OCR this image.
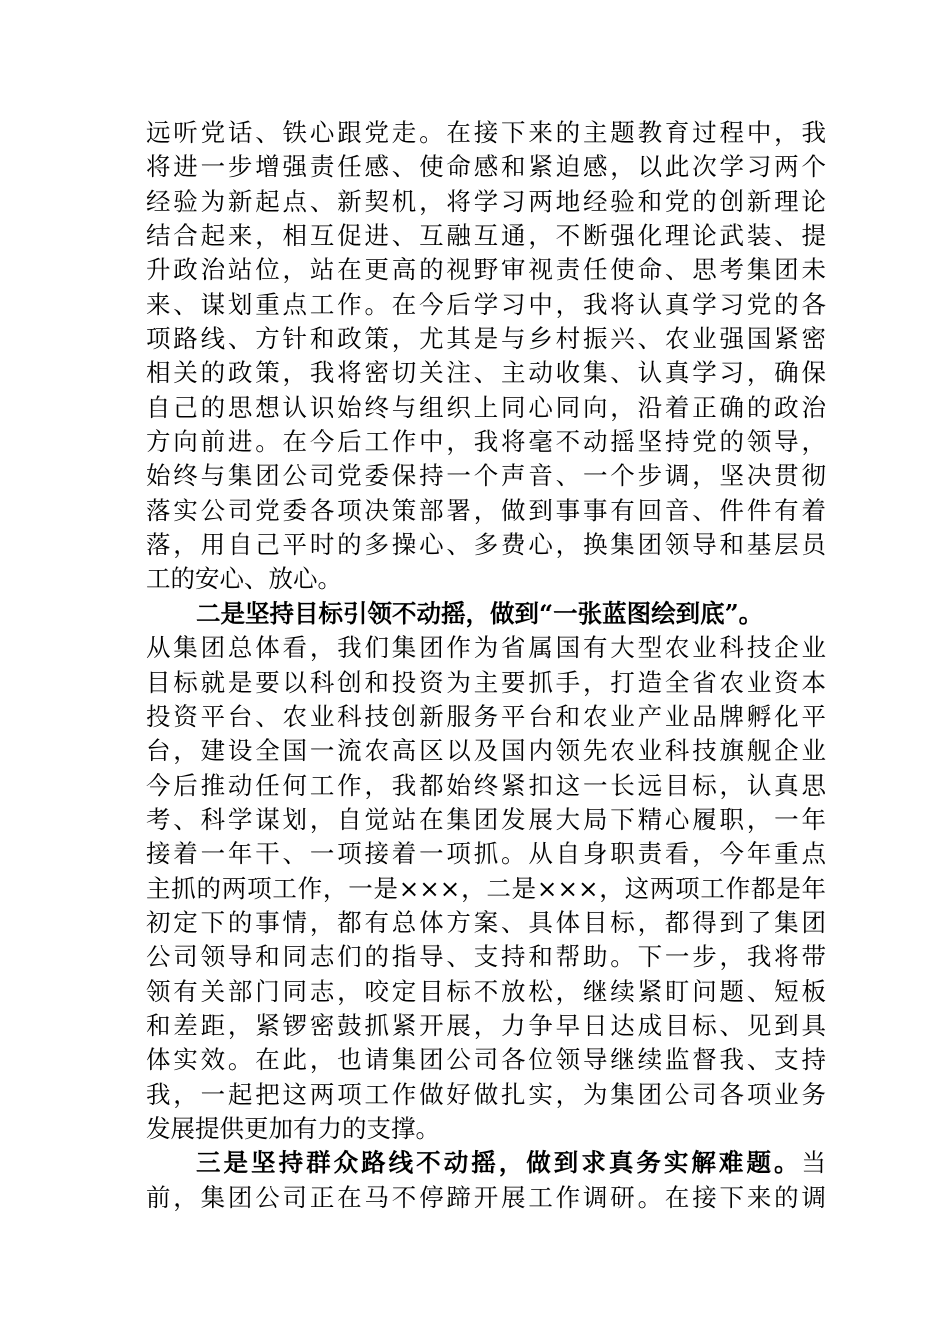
远听党话、铁心跟党走。在接下来的主题教育过程中，我
将进一步增强责任感、使命感和紧迫感，以此次学习两个
经验为新起点、新契机，将学习两地经验和党的创新理论
结合起来，相互促进、互融互通，不断强化理论武装、提
升政治站位，站在更高的视野审视责任使命、思考集团未
来、谋划重点工作。在今后学习中，我将认真学习党的各
项路线、方针和政策，尤其是与乡村振兴、农业强国紧密
相关的政策，我将密切关注、主动收集、认真学习，确保
自己的思想认识始终与组织上同心同向，沿着正确的政治
方向前进。在今后工作中，我将毫不动摇坚持党的领导，
始终与集团公司党委保持一个声音、一个步调，坚决贯彻
落实公司党委各项决策部署，做到事事有回音、件件有着
落，用自己平时的多操心、多费心，换集团领导和基层员
工的安心、放心。
二是坚持目标引领不动摇，做到“一张蓝图绘到底”。
从集团总体看，我们集团作为省属国有大型农业科技企业
目标就是要以科创和投资为主要抓手，打造全省农业资本
投资平台、农业科技创新服务平台和农业产业品牌孵化平
台，建设全国一流农高区以及国内领先农业科技旗舰企业
今后推动任何工作，我都始终紧扣这一长远目标，认真思
考、科学谋划，自觉站在集团发展大局下精心履职，一年
接着一年干、一项接着一项抓。从自身职责看，今年重点
主抓的两项工作，一是×××，二是×××，这两项工作都是年
初定下的事情，都有总体方案、具体目标，都得到了集团
公司领导和同志们的指导、支持和帮助。下一步，我将带
领有关部门同志，咬定目标不放松，继续紧盯问题、短板
和差距，紧锣密鼓抓紧开展，力争早日达成目标、见到具
体实效。在此，也请集团公司各位领导继续监督我、支持
我，一起把这两项工作做好做扎实，为集团公司各项业务
发展提供更加有力的支撑。
三是坚持群众路线不动摇，做到求真务实解难题。当
前，集团公司正在马不停蹄开展工作调研。在接下来的调
